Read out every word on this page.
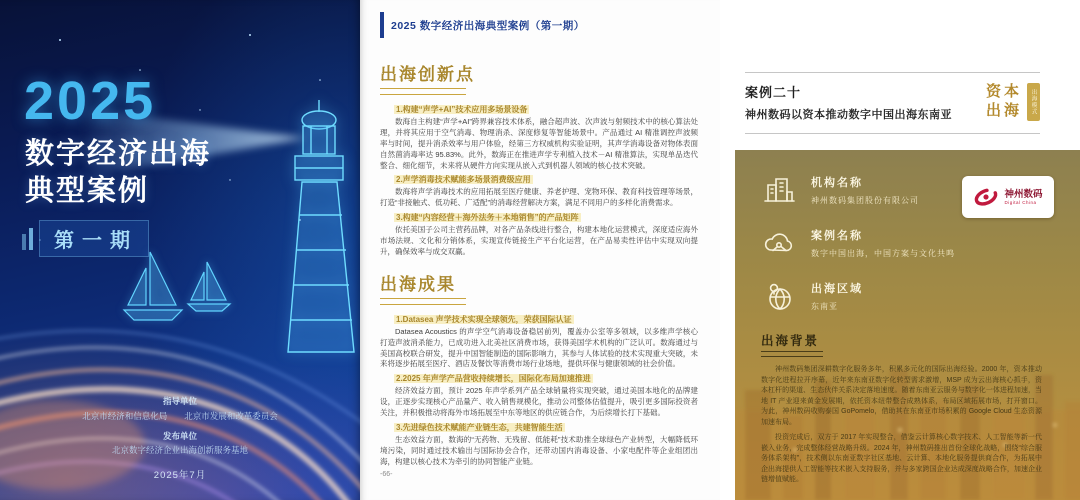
2025
数字经济出海
典型案例
第一期
指导单位
北京市经济和信息化局　　北京市发展和改革委员会
发布单位
北京数字经济企业出海创新服务基地
2025年7月
2025 数字经济出海典型案例（第一期）
出海创新点
1.构建“声学+AI”技术应用多场景设备

数海自主构建“声学+AI”跨界兼容技术体系，融合超声波、次声波与射频技术中的核心算法处理，并将其应用于空气消毒、物理消杀、深度修复等智能场景中。产品通过 AI 精准调控声波频率与时间，提升消杀效率与用户体验，经第三方权威机构实验证明，其声学消毒设备对物体表面自然菌消毒率达 95.83%。此外，数海正在推进声学专利植入技术－AI 精准算法，实现单品迭代整合、细化细节，未来将从硬件方向实现从嵌入式到机器人领域的核心技术突破。

2.声学消毒技术赋能多场景消费级应用

数海将声学消毒技术的应用拓展至医疗健康、养老护理、宠物环保、教育科技管理等场景，打造“非接触式、低功耗、广适配”的消毒经营解决方案，满足不同用户的多样化消费需求。

3.构建“内容经营＋海外法务＋本地销售”的产品矩阵

依托美国子公司主营药品牌，对各产品条线进行整合，构建本地化运营模式，深度适应海外市场法规、文化和分销体系，实现宣传链接生产平台化运营，在产品易卖性评估中实现双向提升，确保效率与成交双赢。

出海成果
1.Datasea 声学技术实现全球领先，荣获国际认证

Datasea Acoustics 的声学空气消毒设备稳居前列，覆盖办公室等多领域，以多维声学核心打造声波消杀能力，已成功进入北美社区消费市场，获得美国学术机构的广泛认可。数海通过与美国高校联合研发，提升中国智能制造的国际影响力，其参与人体试验的技术实现重大突破，未来将逐步拓展至医疗、酒店及餐饮等消费市场行业场地，提供环保与健康领域的社会价值。

2.2025 年声学产品营收持续增长，国际化布局加速推进

经济效益方面，预计 2025 年声学系列产品全球销量将实现突破，通过美国本地化的品牌建设，正逐步实现核心产品量产、收入销售规模化，推动公司整体估值提升，吸引更多国际投资者关注，并积极推动将海外市场拓展至中东等地区的供应链合作，为后续增长打下基础。

3.先进绿色技术赋能产业链生态，共建智能生活

生态效益方面，数海的“无药物、无残留、低能耗”技术助推全球绿色产业转型，大幅降低环境污染，同时通过技术输出与国际协会合作，还带动国内消毒设备、小家电配件等企业组团出海，构建以核心技术为牵引的协同智能产业链。

-66-
案例二十
神州数码以资本推动数字中国出海东南亚
资本
出海 出海模式
机构名称
神州数码集团股份有限公司
案例名称
数字中国出海，中国方案与文化共鸣
出海区域
东南亚
出海背景

神州数码集团深耕数字化服务多年，积累多元化的国际出海经验。2000 年，资本推动数字化进程拉开序幕，近年来东南亚数字化转型需求激增，MSP 成为云出海核心抓手，资本杠杆的渠道、生态伙伴关系决定落地速度。随着东南亚云服务与数字化一体进程加速，当地 IT 产业迎来黄金发展期，依托资本纽带整合成熟体系，布局区域拓展市场，打开窗口。为此，神州数码收购泰国 GoPomelo，借助其在东南亚市场积累的 Google Cloud 生态资源加速布局。

投资完成后，双方于 2017 年实现整合，借鉴云计算核心数字技术、人工智能等新一代嵌入业务，完成整体经营战略升级。2024 年，神州数码推出首份全球化战略，围绕“综合服务体系架构”，技术侧以东南亚数字社区基地、云计算、本地化服务提供商合作，为拓展中企出海提供人工智能等技术嵌入支持服务，并与多家跨国企业达成深度战略合作，加速企业链增值赋能。

神州数码
Digital China
